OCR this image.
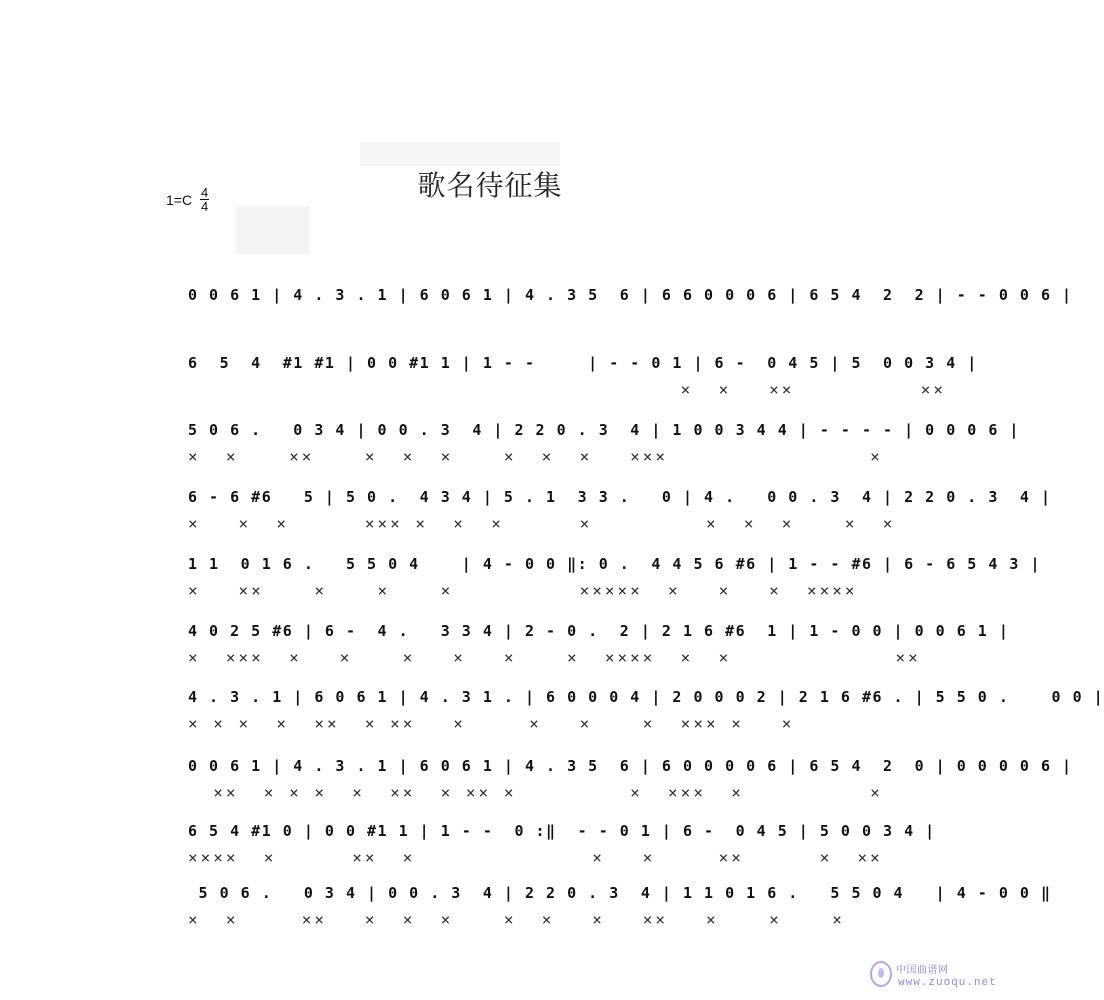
歌名待征集
$1=C \frac{4}{4}$
0 0 6 1 | 4 . 3 . 1 | 6 0 6 1 | 4 . 3 5  6 | 6 6 0 0 0 6 | 6 5 4  2  2 | - - 0 0 6 |
6  5  4  #1 #1 | 0 0 #1 1 | 1 - -     | - - 0 1 | 6 -  0 4 5 | 5  0 0 3 4 |
×  ×   ××          ××
5 0 6 .   0 3 4 | 0 0 . 3  4 | 2 2 0 . 3  4 | 1 0 0 3 4 4 | - - - - | 0 0 0 6 |
×  ×    ××    ×  ×  ×    ×  ×  ×   ×××                ×
6 - 6 #6   5 | 5 0 .  4 3 4 | 5 . 1  3 3 .   0 | 4 .   0 0 . 3  4 | 2 2 0 . 3  4 |
×   ×  ×      ××× ×  ×  ×      ×         ×  ×  ×    ×  ×
1 1  0 1 6 .   5 5 0 4    | 4 - 0 0 ‖: 0 .  4 4 5 6 #6 | 1 - - #6 | 6 - 6 5 4 3 |
×   ××    ×    ×    ×          ×××××  ×   ×   ×  ××××
4 0 2 5 #6 | 6 -  4 .   3 3 4 | 2 - 0 .  2 | 2 1 6 #6  1 | 1 - 0 0 | 0 0 6 1 |
×  ×××  ×   ×    ×   ×   ×    ×  ××××  ×  ×             ××
4 . 3 . 1 | 6 0 6 1 | 4 . 3 1 . | 6 0 0 0 4 | 2 0 0 0 2 | 2 1 6 #6 . | 5 5 0 .    0 0 |
× × ×  ×  ××  × ××   ×     ×   ×    ×  ××× ×   ×
0 0 6 1 | 4 . 3 . 1 | 6 0 6 1 | 4 . 3 5  6 | 6 0 0 0 0 6 | 6 5 4  2  0 | 0 0 0 0 6 |
××  × × ×  ×  ××  × ×× ×         ×  ×××  ×          ×
6 5 4 #1 0 | 0 0 #1 1 | 1 - -  0 :‖  - - 0 1 | 6 -  0 4 5 | 5 0 0 3 4 |
××××  ×      ××  ×              ×   ×     ××      ×  ××
5 0 6 .   0 3 4 | 0 0 . 3  4 | 2 2 0 . 3  4 | 1 1 0 1 6 .   5 5 0 4   | 4 - 0 0 ‖
×  ×     ××   ×  ×  ×    ×  ×   ×   ××   ×    ×    ×
中国曲谱网
www.zuoqu.net
